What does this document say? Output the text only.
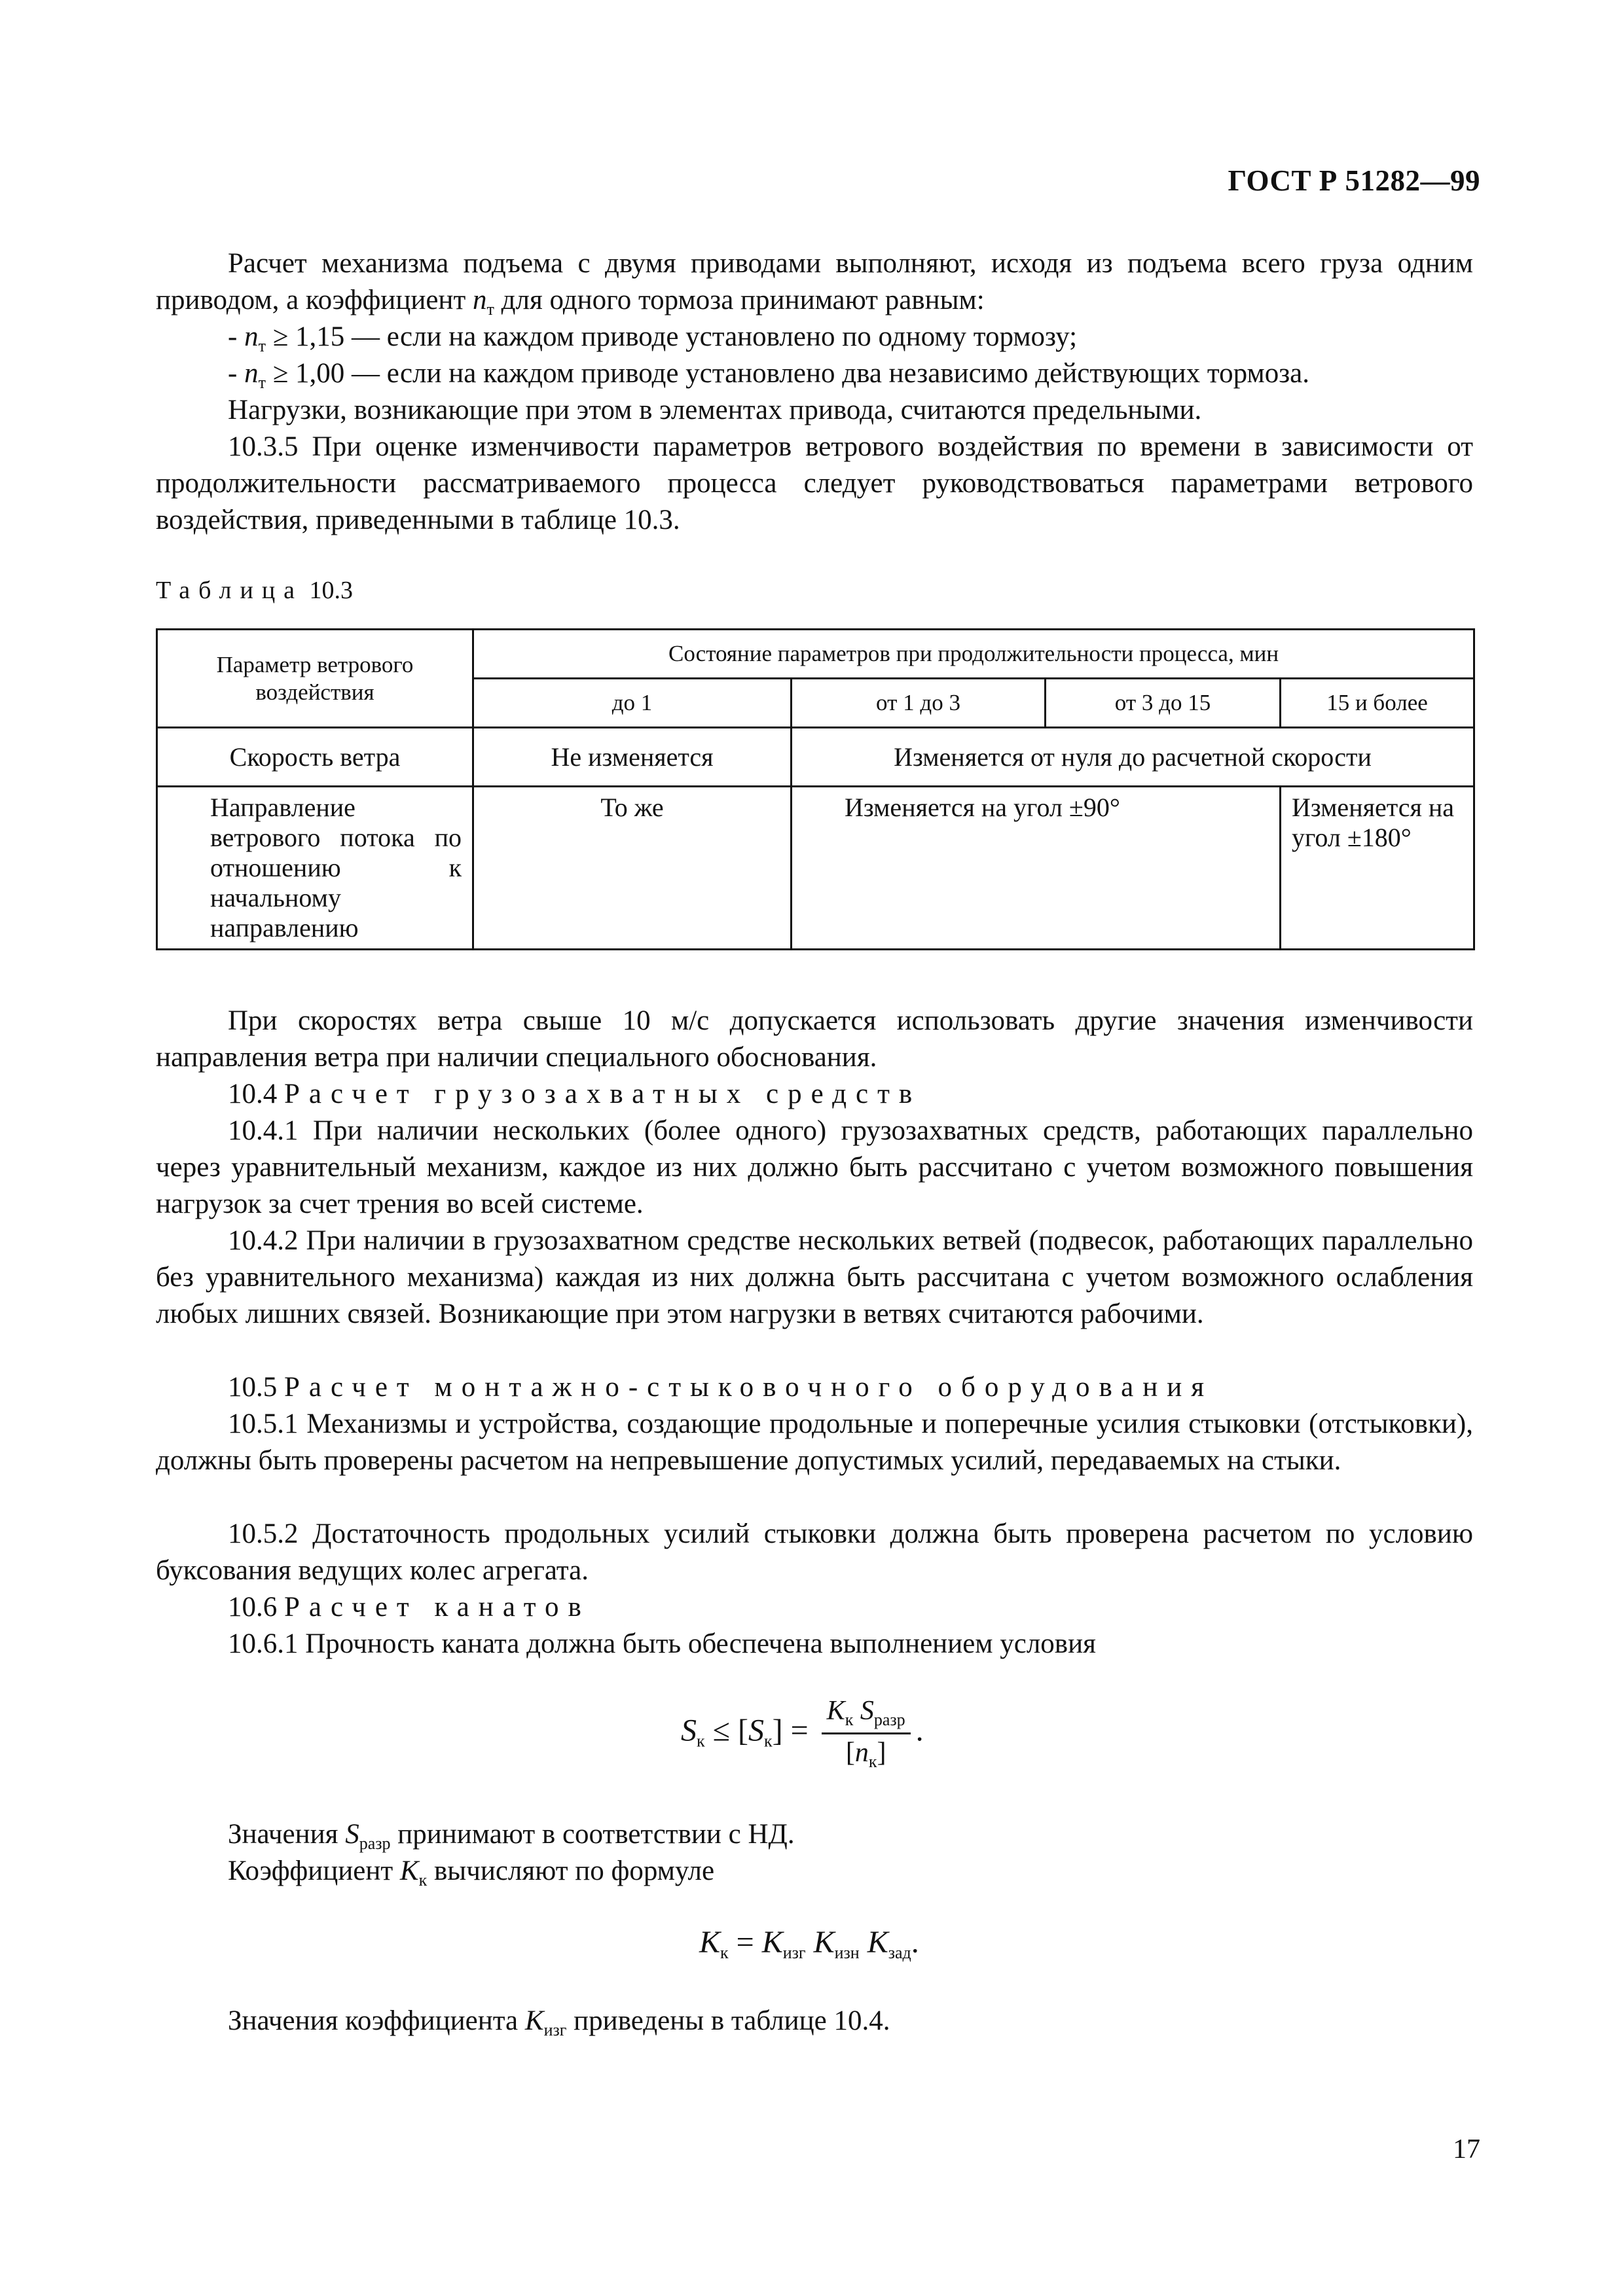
ГОСТ Р 51282—99
Расчет механизма подъема с двумя приводами выполняют, исходя из подъема всего груза одним приводом, а коэффициент $n_т$ для одного тормоза принимают равным:
- $n_т \ge 1,15$ — если на каждом приводе установлено по одному тормозу;
- $n_т \ge 1,00$ — если на каждом приводе установлено два независимо действующих тормоза.
Нагрузки, возникающие при этом в элементах привода, считаются предельными.
10.3.5 При оценке изменчивости параметров ветрового воздействия по времени в зависимости от продолжительности рассматриваемого процесса следует руководствоваться параметрами ветрового воздействия, приведенными в таблице 10.3.
Таблица 10.3
Параметр ветрового воздействия	Состояние параметров при продолжительности процесса, мин			
	до 1	от 1 до 3	от 3 до 15	15 и более
Скорость ветра	Не изменяется	Изменяется от нуля до расчетной скорости		
Направление ветрового потока по отношению к начальному направлению	То же	Изменяется на угол ±90°		Изменяется на угол ±180°
При скоростях ветра свыше 10 м/с допускается использовать другие значения изменчивости направления ветра при наличии специального обоснования.
10.4 Расчет грузозахватных средств
10.4.1 При наличии нескольких (более одного) грузозахватных средств, работающих параллельно через уравнительный механизм, каждое из них должно быть рассчитано с учетом возможного повышения нагрузок за счет трения во всей системе.
10.4.2 При наличии в грузозахватном средстве нескольких ветвей (подвесок, работающих параллельно без уравнительного механизма) каждая из них должна быть рассчитана с учетом возможного ослабления любых лишних связей. Возникающие при этом нагрузки в ветвях считаются рабочими.
10.5 Расчет монтажно-стыковочного оборудования
10.5.1 Механизмы и устройства, создающие продольные и поперечные усилия стыковки (отстыковки), должны быть проверены расчетом на непревышение допустимых усилий, передаваемых на стыки.
10.5.2 Достаточность продольных усилий стыковки должна быть проверена расчетом по условию буксования ведущих колес агрегата.
10.6 Расчет канатов
10.6.1 Прочность каната должна быть обеспечена выполнением условия
$S_к \le [S_к] = \frac{K_к S_{разр}}{[n_к]}$ .
Значения $S_{разр}$ принимают в соответствии с НД.
Коэффициент $K_к$ вычисляют по формуле
$K_к = K_{изг}$ $K_{изн}$ $K_{зад}$.
Значения коэффициента $K_{изг}$ приведены в таблице 10.4.
17
